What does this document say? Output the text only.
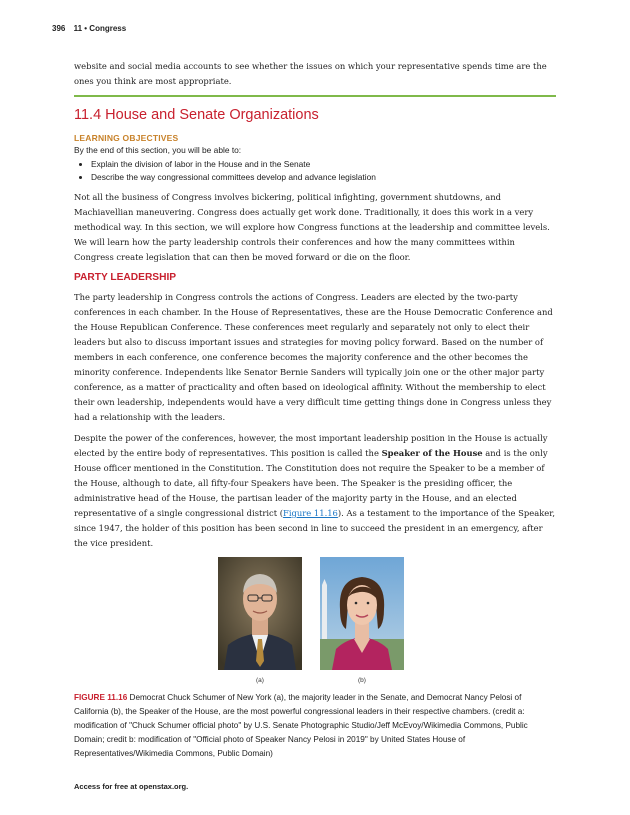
396 11 • Congress

website and social media accounts to see whether the issues on which your representative spends time are the ones you think are most appropriate.

11.4 House and Senate Organizations
LEARNING OBJECTIVES
By the end of this section, you will be able to:
• Explain the division of labor in the House and in the Senate
• Describe the way congressional committees develop and advance legislation

Not all the business of Congress involves bickering, political infighting, government shutdowns, and Machiavellian maneuvering. Congress does actually get work done. Traditionally, it does this work in a very methodical way. In this section, we will explore how Congress functions at the leadership and committee levels. We will learn how the party leadership controls their conferences and how the many committees within Congress create legislation that can then be moved forward or die on the floor.

PARTY LEADERSHIP

The party leadership in Congress controls the actions of Congress. Leaders are elected by the two-party conferences in each chamber. In the House of Representatives, these are the House Democratic Conference and the House Republican Conference. These conferences meet regularly and separately not only to elect their leaders but also to discuss important issues and strategies for moving policy forward. Based on the number of members in each conference, one conference becomes the majority conference and the other becomes the minority conference. Independents like Senator Bernie Sanders will typically join one or the other major party conference, as a matter of practicality and often based on ideological affinity. Without the membership to elect their own leadership, independents would have a very difficult time getting things done in Congress unless they had a relationship with the leaders.

Despite the power of the conferences, however, the most important leadership position in the House is actually elected by the entire body of representatives. This position is called the Speaker of the House and is the only House officer mentioned in the Constitution. The Constitution does not require the Speaker to be a member of the House, although to date, all fifty-four Speakers have been. The Speaker is the presiding officer, the administrative head of the House, the partisan leader of the majority party in the House, and an elected representative of a single congressional district (Figure 11.16). As a testament to the importance of the Speaker, since 1947, the holder of this position has been second in line to succeed the president in an emergency, after the vice president.

(a)	(b)
FIGURE 11.16 Democrat Chuck Schumer of New York (a), the majority leader in the Senate, and Democrat Nancy Pelosi of California (b), the Speaker of the House, are the most powerful congressional leaders in their respective chambers. (credit a: modification of "Chuck Schumer official photo" by U.S. Senate Photographic Studio/Jeff McEvoy/Wikimedia Commons, Public Domain; credit b: modification of "Official photo of Speaker Nancy Pelosi in 2019" by United States House of Representatives/Wikimedia Commons, Public Domain)
Access for free at openstax.org.
